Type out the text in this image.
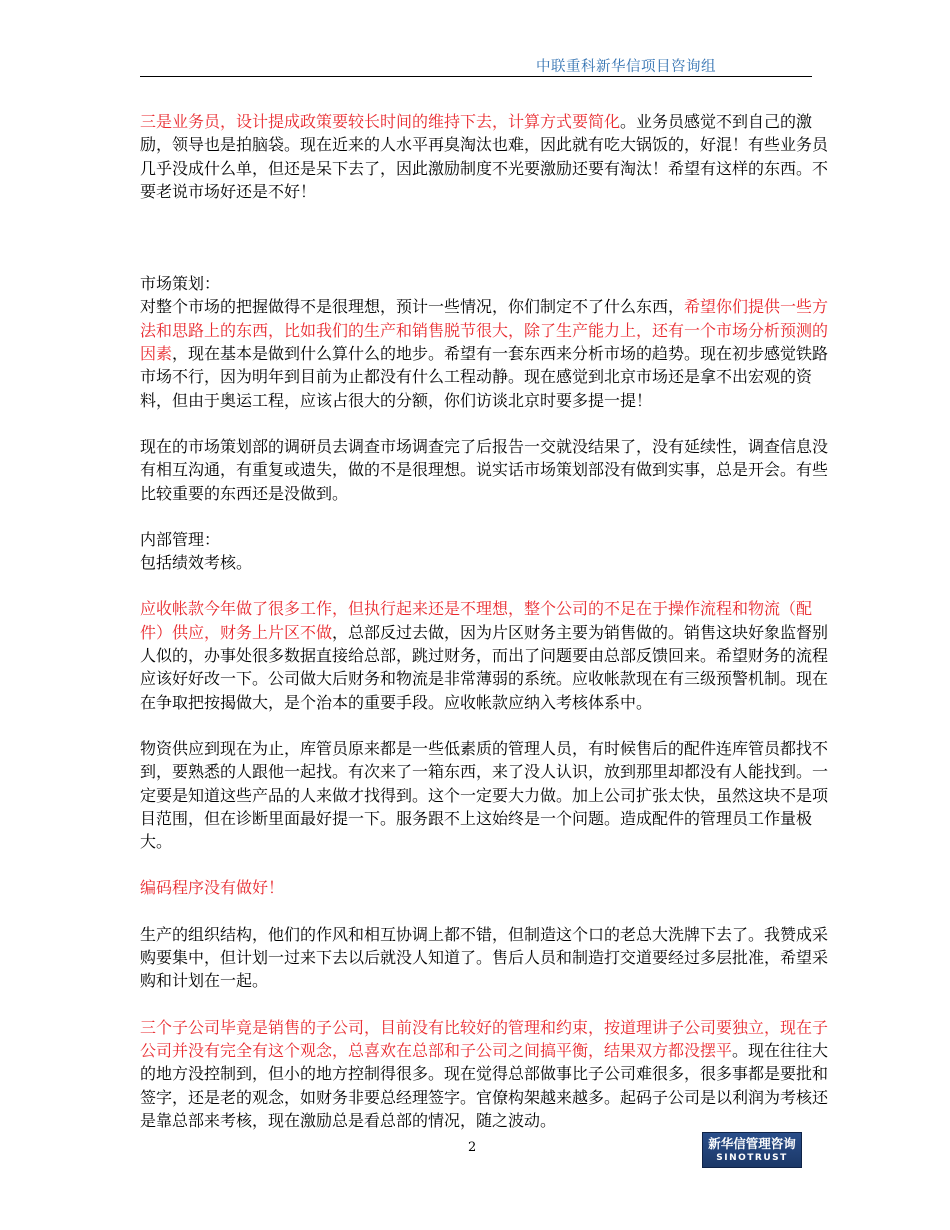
中联重科新华信项目咨询组

三是业务员，设计提成政策要较长时间的维持下去，计算方式要简化。业务员感觉不到自己的激励，领导也是拍脑袋。现在近来的人水平再臭淘汰也难，因此就有吃大锅饭的，好混！有些业务员几乎没成什么单，但还是呆下去了，因此激励制度不光要激励还要有淘汰！希望有这样的东西。不要老说市场好还是不好！

市场策划：

对整个市场的把握做得不是很理想，预计一些情况，你们制定不了什么东西，希望你们提供一些方法和思路上的东西，比如我们的生产和销售脱节很大，除了生产能力上，还有一个市场分析预测的因素，现在基本是做到什么算什么的地步。希望有一套东西来分析市场的趋势。现在初步感觉铁路市场不行，因为明年到目前为止都没有什么工程动静。现在感觉到北京市场还是拿不出宏观的资料，但由于奥运工程，应该占很大的分额，你们访谈北京时要多提一提！

现在的市场策划部的调研员去调查市场调查完了后报告一交就没结果了，没有延续性，调查信息没有相互沟通，有重复或遗失，做的不是很理想。说实话市场策划部没有做到实事，总是开会。有些比较重要的东西还是没做到。

内部管理：

包括绩效考核。

应收帐款今年做了很多工作，但执行起来还是不理想，整个公司的不足在于操作流程和物流（配件）供应，财务上片区不做，总部反过去做，因为片区财务主要为销售做的。销售这块好象监督别人似的，办事处很多数据直接给总部，跳过财务，而出了问题要由总部反馈回来。希望财务的流程应该好好改一下。公司做大后财务和物流是非常薄弱的系统。应收帐款现在有三级预警机制。现在在争取把按揭做大，是个治本的重要手段。应收帐款应纳入考核体系中。

物资供应到现在为止，库管员原来都是一些低素质的管理人员，有时候售后的配件连库管员都找不到，要熟悉的人跟他一起找。有次来了一箱东西，来了没人认识，放到那里却都没有人能找到。一定要是知道这些产品的人来做才找得到。这个一定要大力做。加上公司扩张太快，虽然这块不是项目范围，但在诊断里面最好提一下。服务跟不上这始终是一个问题。造成配件的管理员工作量极大。

编码程序没有做好！

生产的组织结构，他们的作风和相互协调上都不错，但制造这个口的老总大洗牌下去了。我赞成采购要集中，但计划一过来下去以后就没人知道了。售后人员和制造打交道要经过多层批准，希望采购和计划在一起。

三个子公司毕竟是销售的子公司，目前没有比较好的管理和约束，按道理讲子公司要独立，现在子公司并没有完全有这个观念，总喜欢在总部和子公司之间搞平衡，结果双方都没摆平。现在往往大的地方没控制到，但小的地方控制得很多。现在觉得总部做事比子公司难很多，很多事都是要批和签字，还是老的观念，如财务非要总经理签字。官僚构架越来越多。起码子公司是以利润为考核还是靠总部来考核，现在激励总是看总部的情况，随之波动。

2	新华信管理咨询
SINOTRUST
